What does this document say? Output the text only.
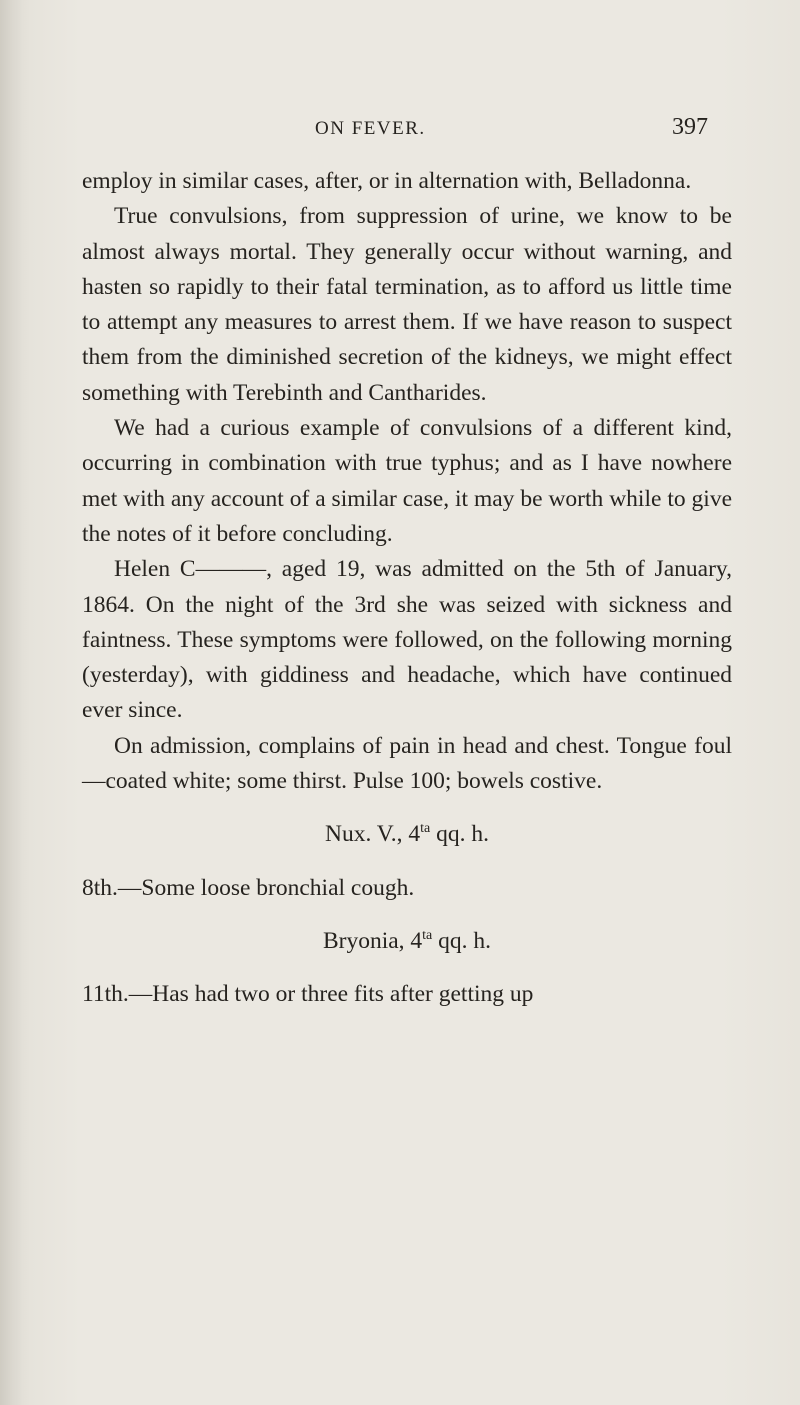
ON FEVER.	397

employ in similar cases, after, or in alternation with, Belladonna.

True convulsions, from suppression of urine, we know to be almost always mortal. They generally occur without warning, and hasten so rapidly to their fatal termination, as to afford us little time to attempt any measures to arrest them. If we have reason to suspect them from the diminished secretion of the kidneys, we might effect something with Terebinth and Cantharides.

We had a curious example of convulsions of a different kind, occurring in combination with true typhus; and as I have nowhere met with any account of a similar case, it may be worth while to give the notes of it before concluding.

Helen C———, aged 19, was admitted on the 5th of January, 1864. On the night of the 3rd she was seized with sickness and faintness. These symptoms were followed, on the following morning (yesterday), with giddiness and headache, which have continued ever since.

On admission, complains of pain in head and chest. Tongue foul—coated white; some thirst. Pulse 100; bowels costive.

Nux. V., $4^{ta}$ qq. h.

8th.—Some loose bronchial cough.

Bryonia, $4^{ta}$ qq. h.

11th.—Has had two or three fits after getting up
